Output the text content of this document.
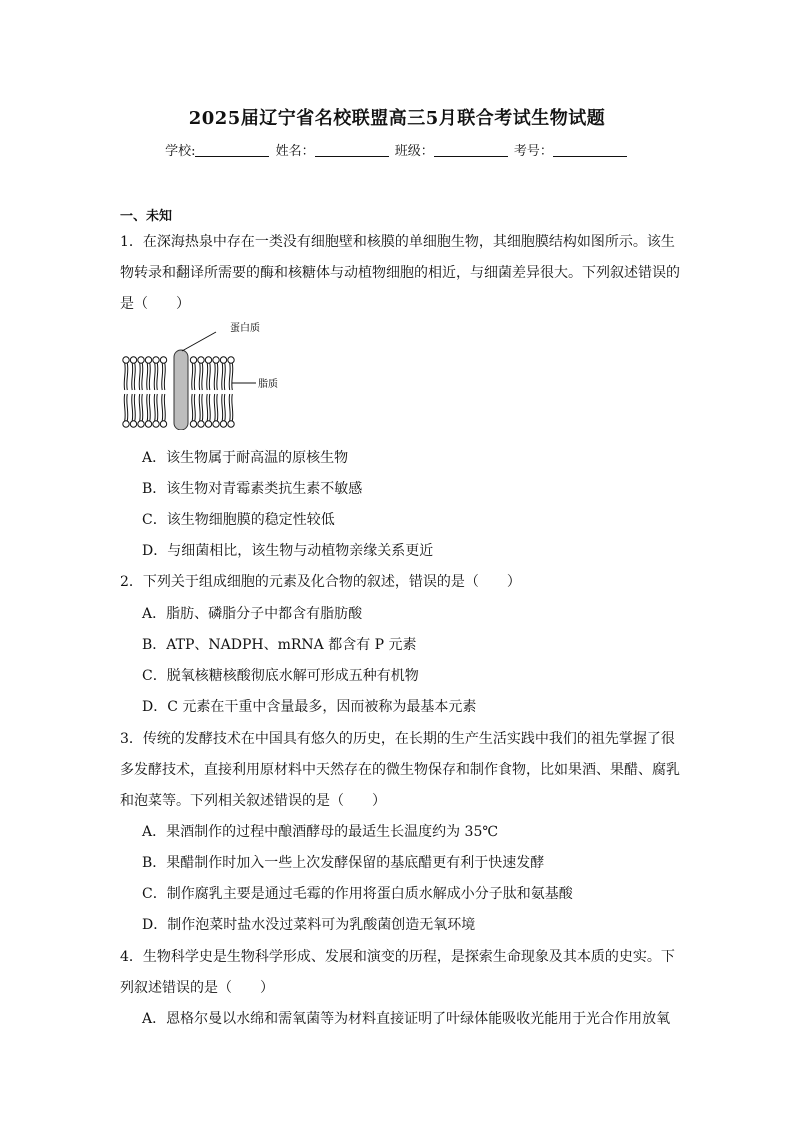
2025届辽宁省名校联盟高三5月联合考试生物试题
学校:	姓名：	班级：	考号：
一、未知
1．在深海热泉中存在一类没有细胞壁和核膜的单细胞生物，其细胞膜结构如图所示。该生
物转录和翻译所需要的酶和核糖体与动植物细胞的相近，与细菌差异很大。下列叙述错误的
是（　　）
蛋白质
脂质
A．该生物属于耐高温的原核生物
B．该生物对青霉素类抗生素不敏感
C．该生物细胞膜的稳定性较低
D．与细菌相比，该生物与动植物亲缘关系更近
2．下列关于组成细胞的元素及化合物的叙述，错误的是（　　）
A．脂肪、磷脂分子中都含有脂肪酸
B．ATP、NADPH、mRNA 都含有 P 元素
C．脱氧核糖核酸彻底水解可形成五种有机物
D．C 元素在干重中含量最多，因而被称为最基本元素
3．传统的发酵技术在中国具有悠久的历史，在长期的生产生活实践中我们的祖先掌握了很
多发酵技术，直接利用原材料中天然存在的微生物保存和制作食物，比如果酒、果醋、腐乳
和泡菜等。下列相关叙述错误的是（　　）
A．果酒制作的过程中酿酒酵母的最适生长温度约为 35℃
B．果醋制作时加入一些上次发酵保留的基底醋更有利于快速发酵
C．制作腐乳主要是通过毛霉的作用将蛋白质水解成小分子肽和氨基酸
D．制作泡菜时盐水没过菜料可为乳酸菌创造无氧环境
4．生物科学史是生物科学形成、发展和演变的历程，是探索生命现象及其本质的史实。下
列叙述错误的是（　　）
A．恩格尔曼以水绵和需氧菌等为材料直接证明了叶绿体能吸收光能用于光合作用放氧
